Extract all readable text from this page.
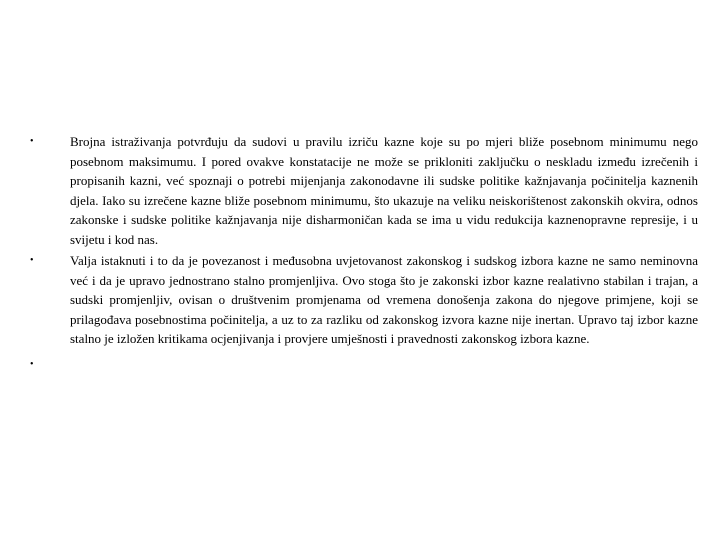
•	Brojna istraživanja potvrđuju da sudovi u pravilu izriču kazne koje su po mjeri bliže posebnom minimumu nego posebnom maksimumu. I pored ovakve konstatacije ne može se prikloniti zaključku o neskladu između izrečenih i propisanih kazni, već spoznaji o potrebi mijenjanja zakonodavne ili sudske politike kažnjavanja počinitelja kaznenih djela. Iako su izrečene kazne bliže posebnom minimumu, što ukazuje na veliku neiskorištenost zakonskih okvira, odnos zakonske i sudske politike kažnjavanja nije disharmoničan kada se ima u vidu redukcija kaznenopravne represije, i u svijetu i kod nas.

•	Valja istaknuti i to da je povezanost i međusobna uvjetovanost zakonskog i sudskog izbora kazne ne samo neminovna već i da je upravo jednostrano stalno promjenljiva. Ovo stoga što je zakonski izbor kazne realativno stabilan i trajan, a sudski promjenljiv, ovisan o društvenim promjenama od vremena donošenja zakona do njegove primjene, koji se prilagođava posebnostima počinitelja, a uz to za razliku od zakonskog izvora kazne nije inertan. Upravo taj izbor kazne stalno je izložen kritikama ocjenjivanja i provjere umješnosti i pravednosti zakonskog izbora kazne.

•
